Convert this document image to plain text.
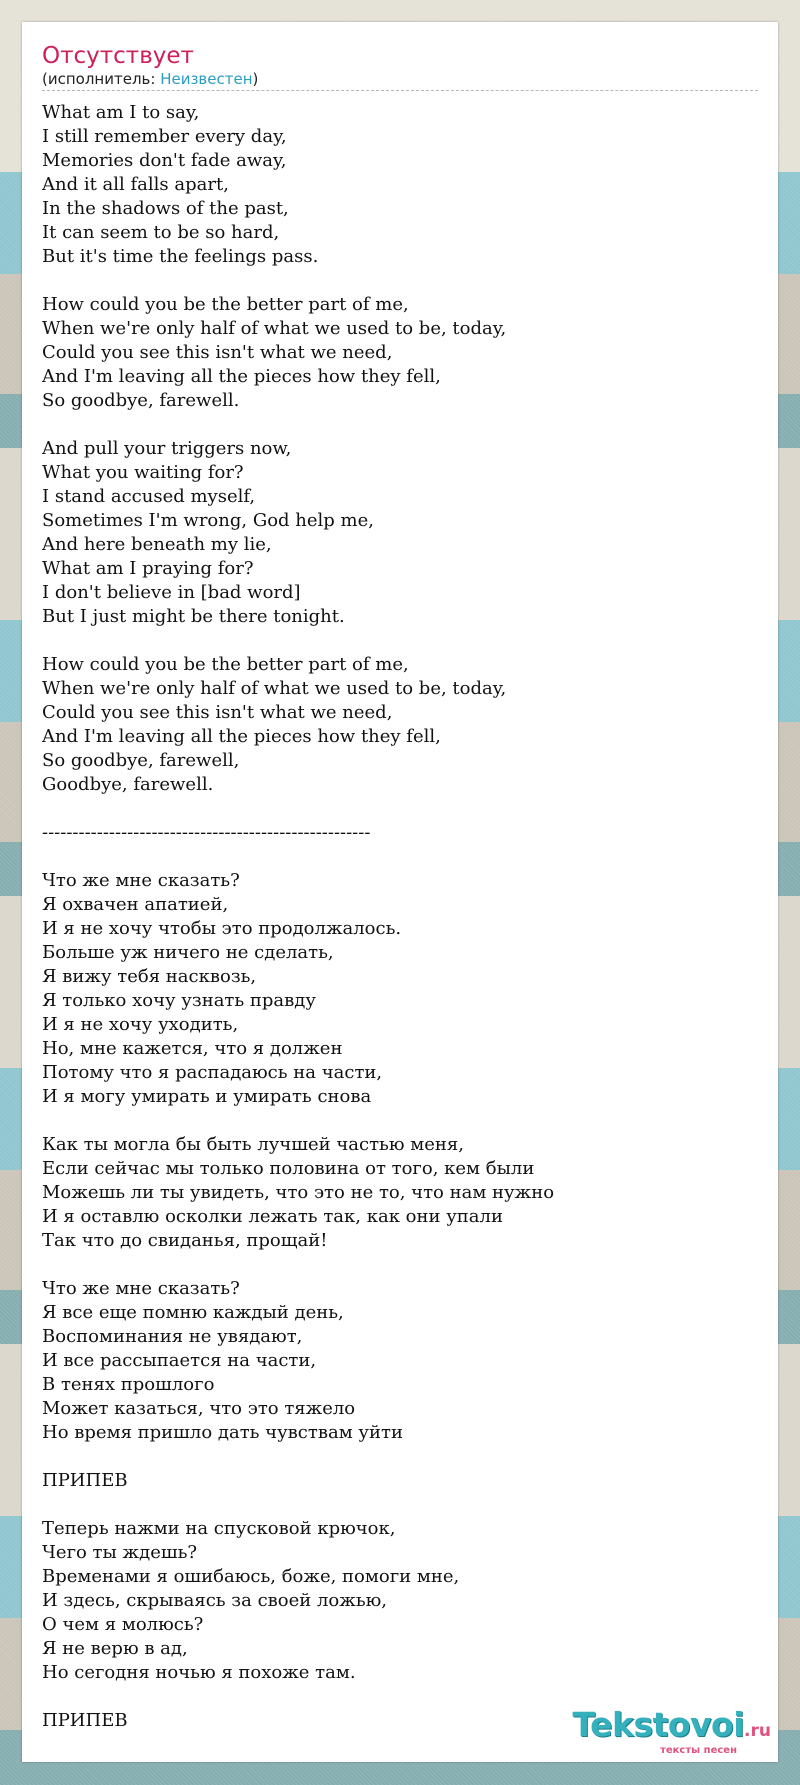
Отсутствует
(исполнитель: Неизвестен)
What am I to say,
I still remember every day,
Memories don't fade away,
And it all falls apart,
In the shadows of the past,
It can seem to be so hard,
But it's time the feelings pass.
How could you be the better part of me,
When we're only half of what we used to be, today,
Could you see this isn't what we need,
And I'm leaving all the pieces how they fell,
So goodbye, farewell.
And pull your triggers now,
What you waiting for?
I stand accused myself,
Sometimes I'm wrong, God help me,
And here beneath my lie,
What am I praying for?
I don't believe in [bad word]
But I just might be there tonight.
How could you be the better part of me,
When we're only half of what we used to be, today,
Could you see this isn't what we need,
And I'm leaving all the pieces how they fell,
So goodbye, farewell,
Goodbye, farewell.
------------------------------------------------------
Что же мне сказать?
Я охвачен апатией,
И я не хочу чтобы это продолжалось.
Больше уж ничего не сделать,
Я вижу тебя насквозь,
Я только хочу узнать правду
И я не хочу уходить,
Но, мне кажется, что я должен
Потому что я распадаюсь на части,
И я могу умирать и умирать снова
Как ты могла бы быть лучшей частью меня,
Если сейчас мы только половина от того, кем были
Можешь ли ты увидеть, что это не то, что нам нужно
И я оставлю осколки лежать так, как они упали
Так что до свиданья, прощай!
Что же мне сказать?
Я все еще помню каждый день,
Воспоминания не увядают,
И все рассыпается на части,
В тенях прошлого
Может казаться, что это тяжело
Но время пришло дать чувствам уйти
ПРИПЕВ
Теперь нажми на спусковой крючок,
Чего ты ждешь?
Временами я ошибаюсь, боже, помоги мне,
И здесь, скрываясь за своей ложью,
О чем я молюсь?
Я не верю в ад,
Но сегодня ночью я похоже там.
ПРИПЕВ	Tekstovoi.ru
тексты песен
